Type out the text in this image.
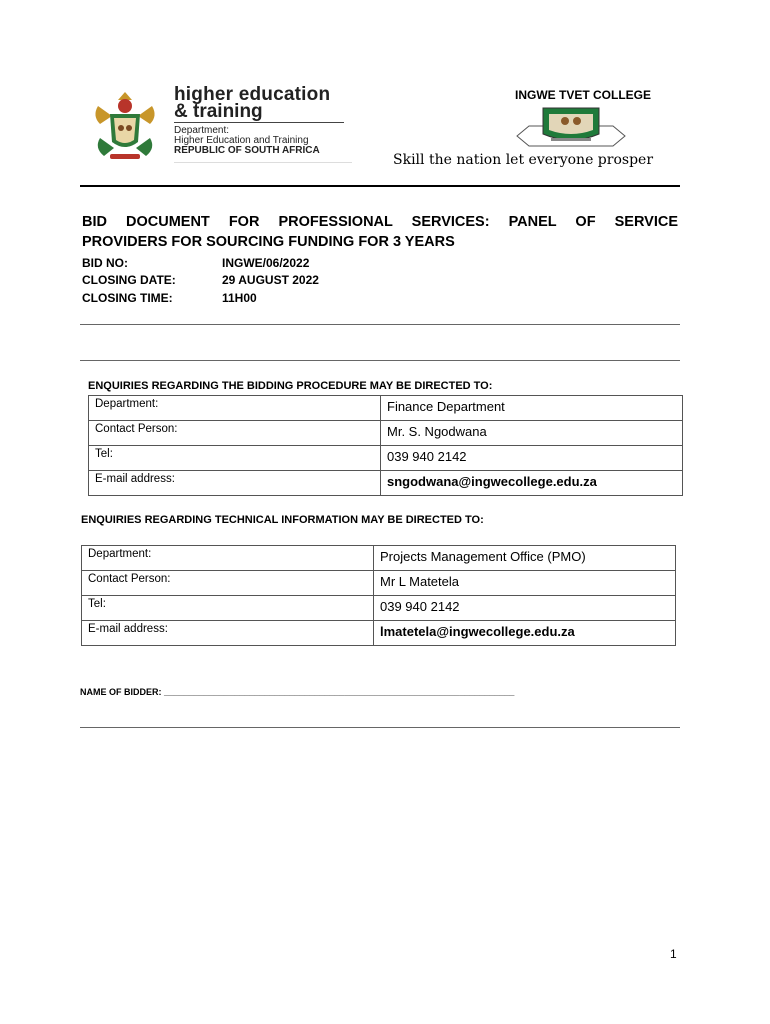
higher education
& training
Department:
Higher Education and Training
REPUBLIC OF SOUTH AFRICA
INGWE TVET COLLEGE
Skill the nation let everyone prosper
BID DOCUMENT FOR PROFESSIONAL SERVICES: PANEL OF SERVICE
PROVIDERS FOR SOURCING FUNDING FOR 3 YEARS
BID NO:	INGWE/06/2022
CLOSING DATE:	29 AUGUST 2022
CLOSING TIME:	11H00
ENQUIRIES REGARDING THE BIDDING PROCEDURE MAY BE DIRECTED TO:
Department:	Finance Department
Contact Person:	Mr. S. Ngodwana
Tel:	039 940 2142
E-mail address:	sngodwana@ingwecollege.edu.za
ENQUIRIES REGARDING TECHNICAL INFORMATION MAY BE DIRECTED TO:
Department:	Projects Management Office (PMO)
Contact Person:	Mr L Matetela
Tel:	039 940 2142
E-mail address:	lmatetela@ingwecollege.edu.za
NAME OF BIDDER: ______________________________________________________________________
1
